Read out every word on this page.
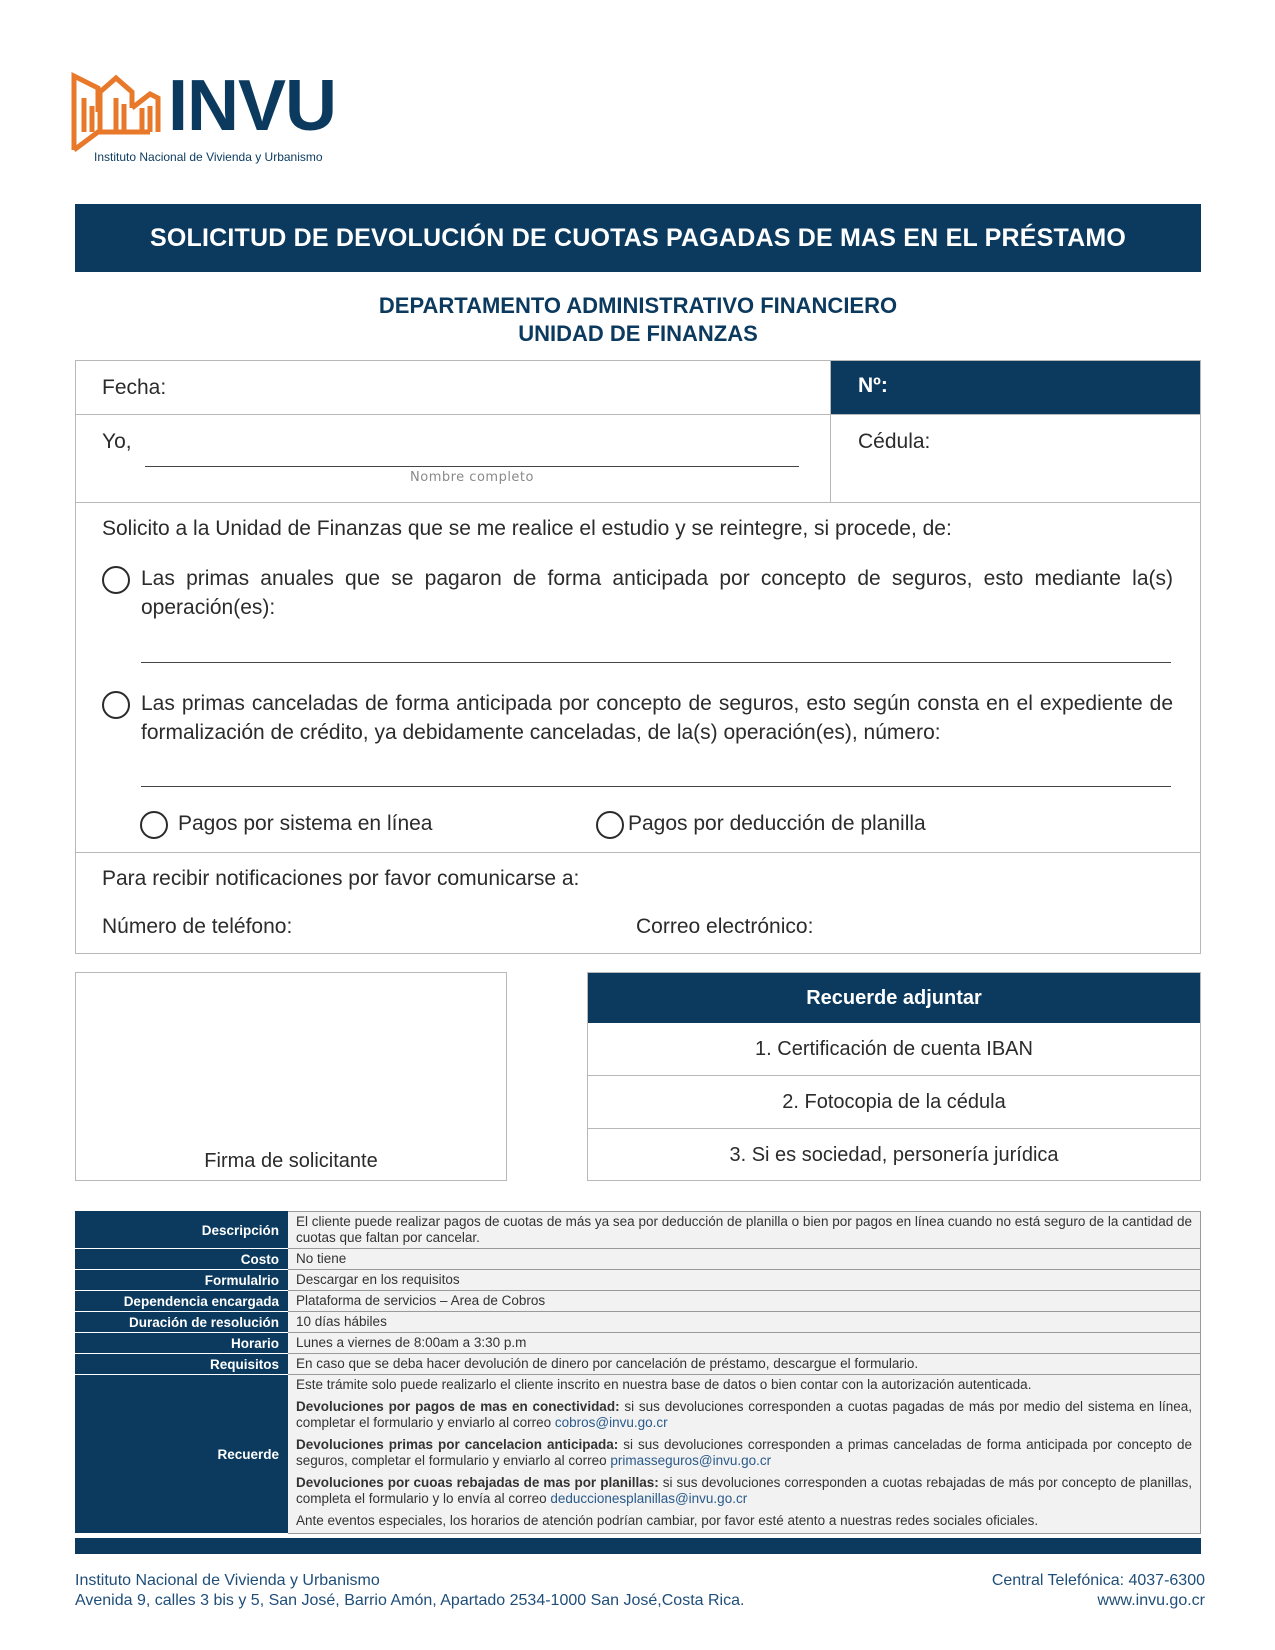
INVU
Instituto Nacional de Vivienda y Urbanismo
SOLICITUD DE DEVOLUCIÓN DE CUOTAS PAGADAS DE MAS EN EL PRÉSTAMO
DEPARTAMENTO ADMINISTRATIVO FINANCIERO
UNIDAD DE FINANZAS
Nº:
Fecha:
Yo,
Nombre completo
Cédula:
Solicito a la Unidad de Finanzas que se me realice el estudio y se reintegre, si procede, de:
Las primas anuales que se pagaron de forma anticipada por concepto de seguros, esto mediante la(s) operación(es):
Las primas canceladas de forma anticipada por concepto de seguros, esto según consta en el expediente de formalización de crédito, ya debidamente canceladas, de la(s) operación(es), número:
Pagos por sistema en línea	Pagos por deducción de planilla
Para recibir notificaciones por favor comunicarse a:
Número de teléfono:	Correo electrónico:
Firma de solicitante
Recuerde adjuntar
1. Certificación de cuenta IBAN
2. Fotocopia de la cédula
3. Si es sociedad, personería jurídica
Descripción	El cliente puede realizar pagos de cuotas de más ya sea por deducción de planilla o bien por pagos en línea cuando no está seguro de la cantidad de cuotas que faltan por cancelar.
Costo	No tiene
Formulalrio	Descargar en los requisitos
Dependencia encargada	Plataforma de servicios – Area de Cobros
Duración de resolución	10 días hábiles
Horario	Lunes a viernes de 8:00am a 3:30 p.m
Requisitos	En caso que se deba hacer devolución de dinero por cancelación de préstamo, descargue el formulario.
Recuerde	Este trámite solo puede realizarlo el cliente inscrito en nuestra base de datos o bien contar con la autorización autenticada.
Devoluciones por pagos de mas en conectividad: si sus devoluciones corresponden a cuotas pagadas de más por medio del sistema en línea, completar el formulario y enviarlo al correo cobros@invu.go.cr
Devoluciones primas por cancelacion anticipada: si sus devoluciones corresponden a primas canceladas de forma anticipada por concepto de seguros, completar el formulario y enviarlo al correo primasseguros@invu.go.cr
Devoluciones por cuoas rebajadas de mas por planillas: si sus devoluciones corresponden a cuotas rebajadas de más por concepto de planillas, completa el formulario y lo envía al correo deduccionesplanillas@invu.go.cr
Ante eventos especiales, los horarios de atención podrían cambiar, por favor esté atento a nuestras redes sociales oficiales.
Instituto Nacional de Vivienda y Urbanismo
Avenida 9, calles 3 bis y 5, San José, Barrio Amón, Apartado 2534-1000 San José,Costa Rica.
Central Telefónica: 4037-6300
www.invu.go.cr
